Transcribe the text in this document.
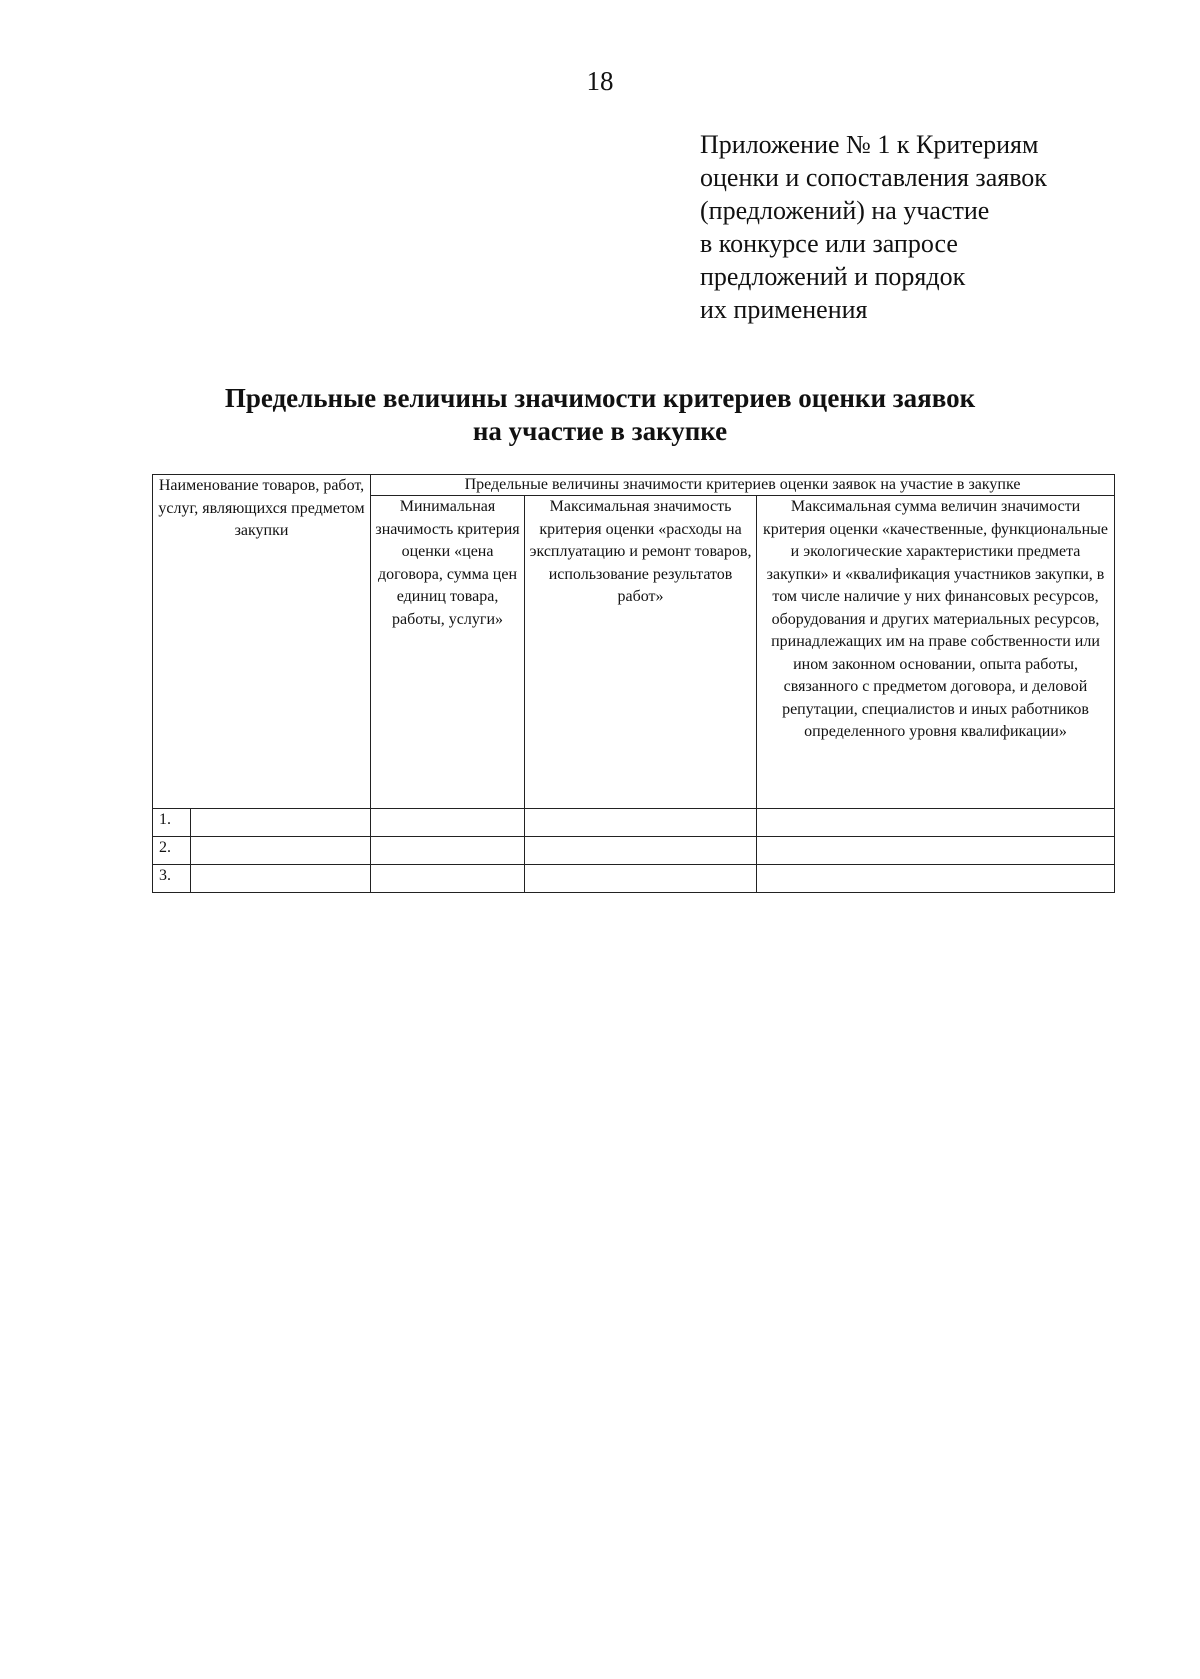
18
Приложение № 1 к Критериям
оценки и сопоставления заявок
(предложений) на участие
в конкурсе или запросе
предложений и порядок
их применения
Предельные величины значимости критериев оценки заявок
на участие в закупке
Наименование товаров, работ, услуг, являющихся предметом закупки		Предельные величины значимости критериев оценки заявок на участие в закупке		
		Минимальная значимость критерия оценки «цена договора, сумма цен единиц товара, работы, услуги»	Максимальная значимость критерия оценки «расходы на эксплуатацию и ремонт товаров, использование результатов работ»	Максимальная сумма величин значимости критерия оценки «качественные, функциональные и экологические характеристики предмета закупки» и «квалификация участников закупки, в том числе наличие у них финансовых ресурсов, оборудования и других материальных ресурсов, принадлежащих им на праве собственности или ином законном основании, опыта работы, связанного с предметом договора, и деловой репутации, специалистов и иных работников определенного уровня квалификации»
1.				
2.				
3.				
